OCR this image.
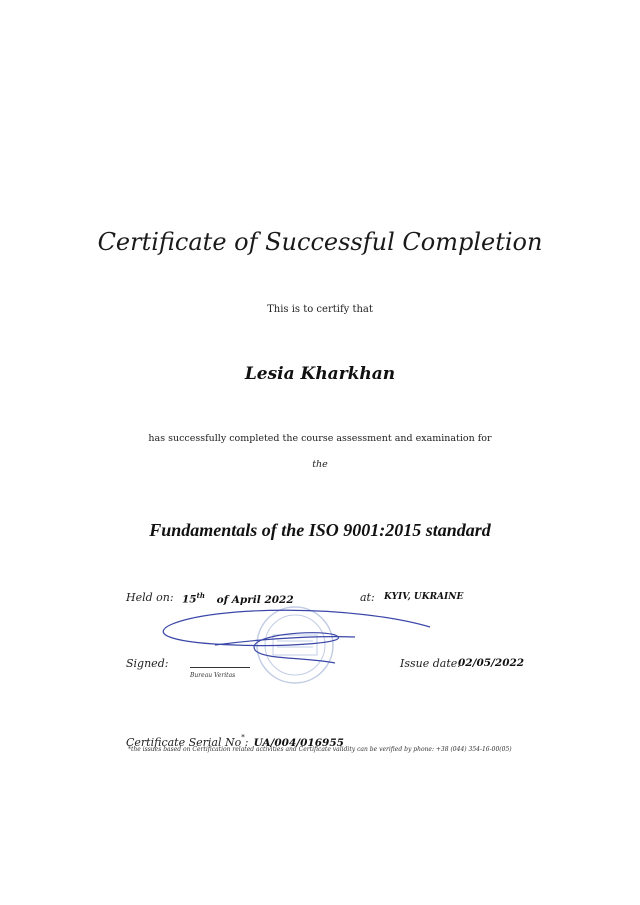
Certificate of Successful Completion
This is to certify that
Lesia Kharkhan
has successfully completed the course assessment and examination for
the
Fundamentals of the ISO 9001:2015 standard
Held on: 15th of April 2022	at: KYIV, UKRAINE
Signed:
Bureau Veritas
Issue date:
02/05/2022
Certificate Serial No*: UA/004/016955
*the issues based on Certification related activities and Certificate validity can be verified by phone: +38 (044) 354-16-00(05)
